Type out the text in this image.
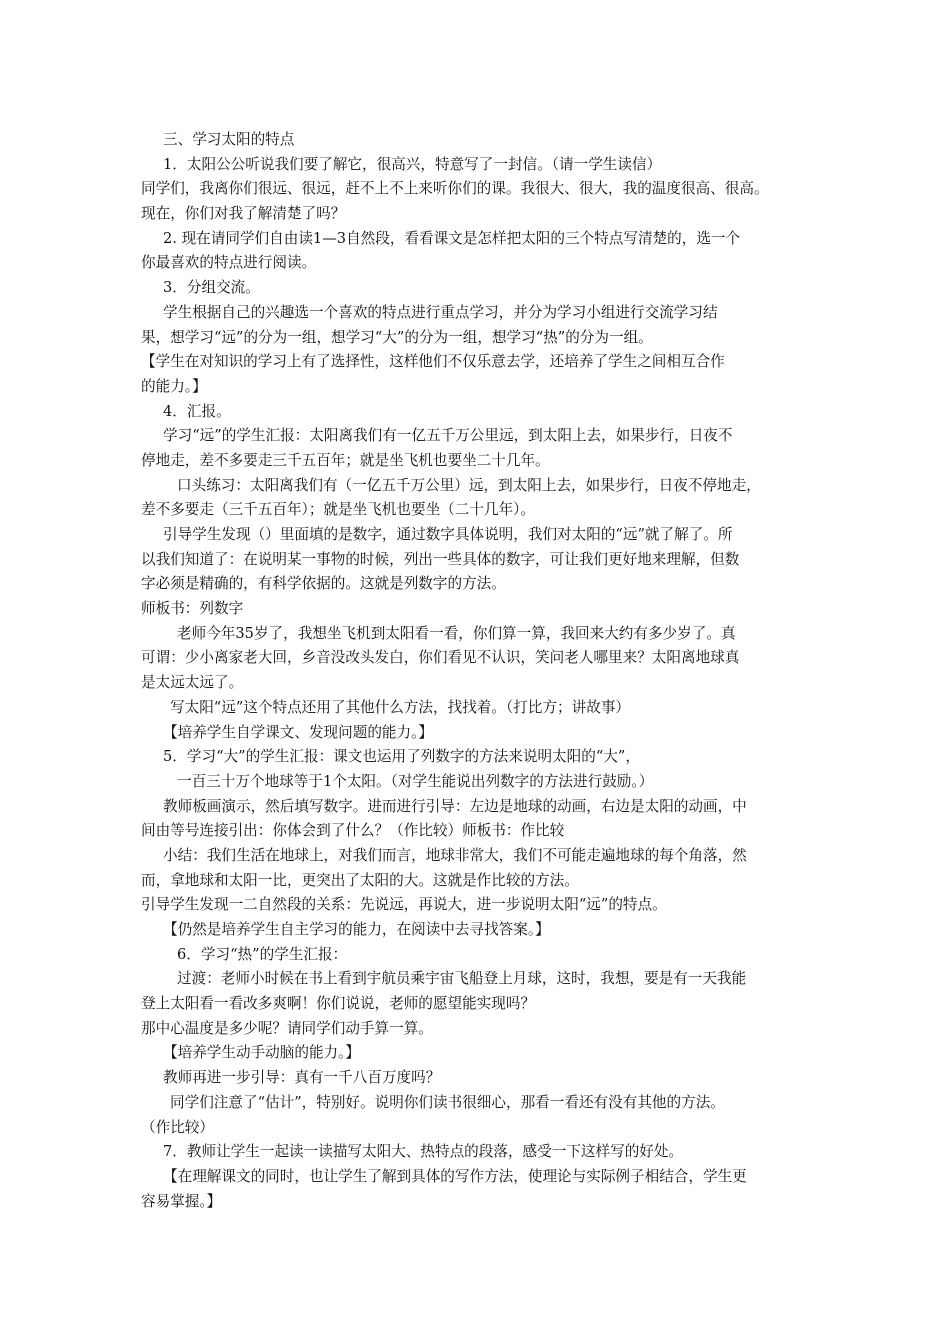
三、学习太阳的特点
1．太阳公公听说我们要了解它，很高兴，特意写了一封信。（请一学生读信）
同学们，我离你们很远、很远，赶不上不上来听你们的课。我很大、很大，我的温度很高、很高。
现在，你们对我了解清楚了吗？
2. 现在请同学们自由读1—3自然段，看看课文是怎样把太阳的三个特点写清楚的，选一个
你最喜欢的特点进行阅读。
3．分组交流。
学生根据自己的兴趣选一个喜欢的特点进行重点学习，并分为学习小组进行交流学习结
果，想学习“远”的分为一组，想学习“大”的分为一组，想学习“热”的分为一组。
【学生在对知识的学习上有了选择性，这样他们不仅乐意去学，还培养了学生之间相互合作
的能力。】
4．汇报。
学习“远”的学生汇报：太阳离我们有一亿五千万公里远，到太阳上去，如果步行，日夜不
停地走，差不多要走三千五百年；就是坐飞机也要坐二十几年。
口头练习：太阳离我们有（一亿五千万公里）远，到太阳上去，如果步行，日夜不停地走，
差不多要走（三千五百年）；就是坐飞机也要坐（二十几年）。
引导学生发现（）里面填的是数字，通过数字具体说明，我们对太阳的“远”就了解了。所
以我们知道了：在说明某一事物的时候，列出一些具体的数字，可让我们更好地来理解，但数
字必须是精确的，有科学依据的。这就是列数字的方法。
师板书：列数字
老师今年35岁了，我想坐飞机到太阳看一看，你们算一算，我回来大约有多少岁了。真
可谓：少小离家老大回，乡音没改头发白，你们看见不认识，笑问老人哪里来？太阳离地球真
是太远太远了。
写太阳“远”这个特点还用了其他什么方法，找找着。（打比方；讲故事）
【培养学生自学课文、发现问题的能力。】
5．学习“大”的学生汇报：课文也运用了列数字的方法来说明太阳的“大”，
一百三十万个地球等于1个太阳。（对学生能说出列数字的方法进行鼓励。）
教师板画演示，然后填写数字。进而进行引导：左边是地球的动画，右边是太阳的动画，中
间由等号连接引出：你体会到了什么？（作比较）师板书：作比较
小结：我们生活在地球上，对我们而言，地球非常大，我们不可能走遍地球的每个角落，然
而，拿地球和太阳一比，更突出了太阳的大。这就是作比较的方法。
引导学生发现一二自然段的关系：先说远，再说大，进一步说明太阳“远”的特点。
【仍然是培养学生自主学习的能力，在阅读中去寻找答案。】
6．学习“热”的学生汇报：
过渡：老师小时候在书上看到宇航员乘宇宙飞船登上月球，这时，我想，要是有一天我能
登上太阳看一看改多爽啊！你们说说，老师的愿望能实现吗？
那中心温度是多少呢？请同学们动手算一算。
【培养学生动手动脑的能力。】
教师再进一步引导：真有一千八百万度吗？
同学们注意了“估计”，特别好。说明你们读书很细心，那看一看还有没有其他的方法。
（作比较）
7．教师让学生一起读一读描写太阳大、热特点的段落，感受一下这样写的好处。
【在理解课文的同时，也让学生了解到具体的写作方法，使理论与实际例子相结合，学生更
容易掌握。】
